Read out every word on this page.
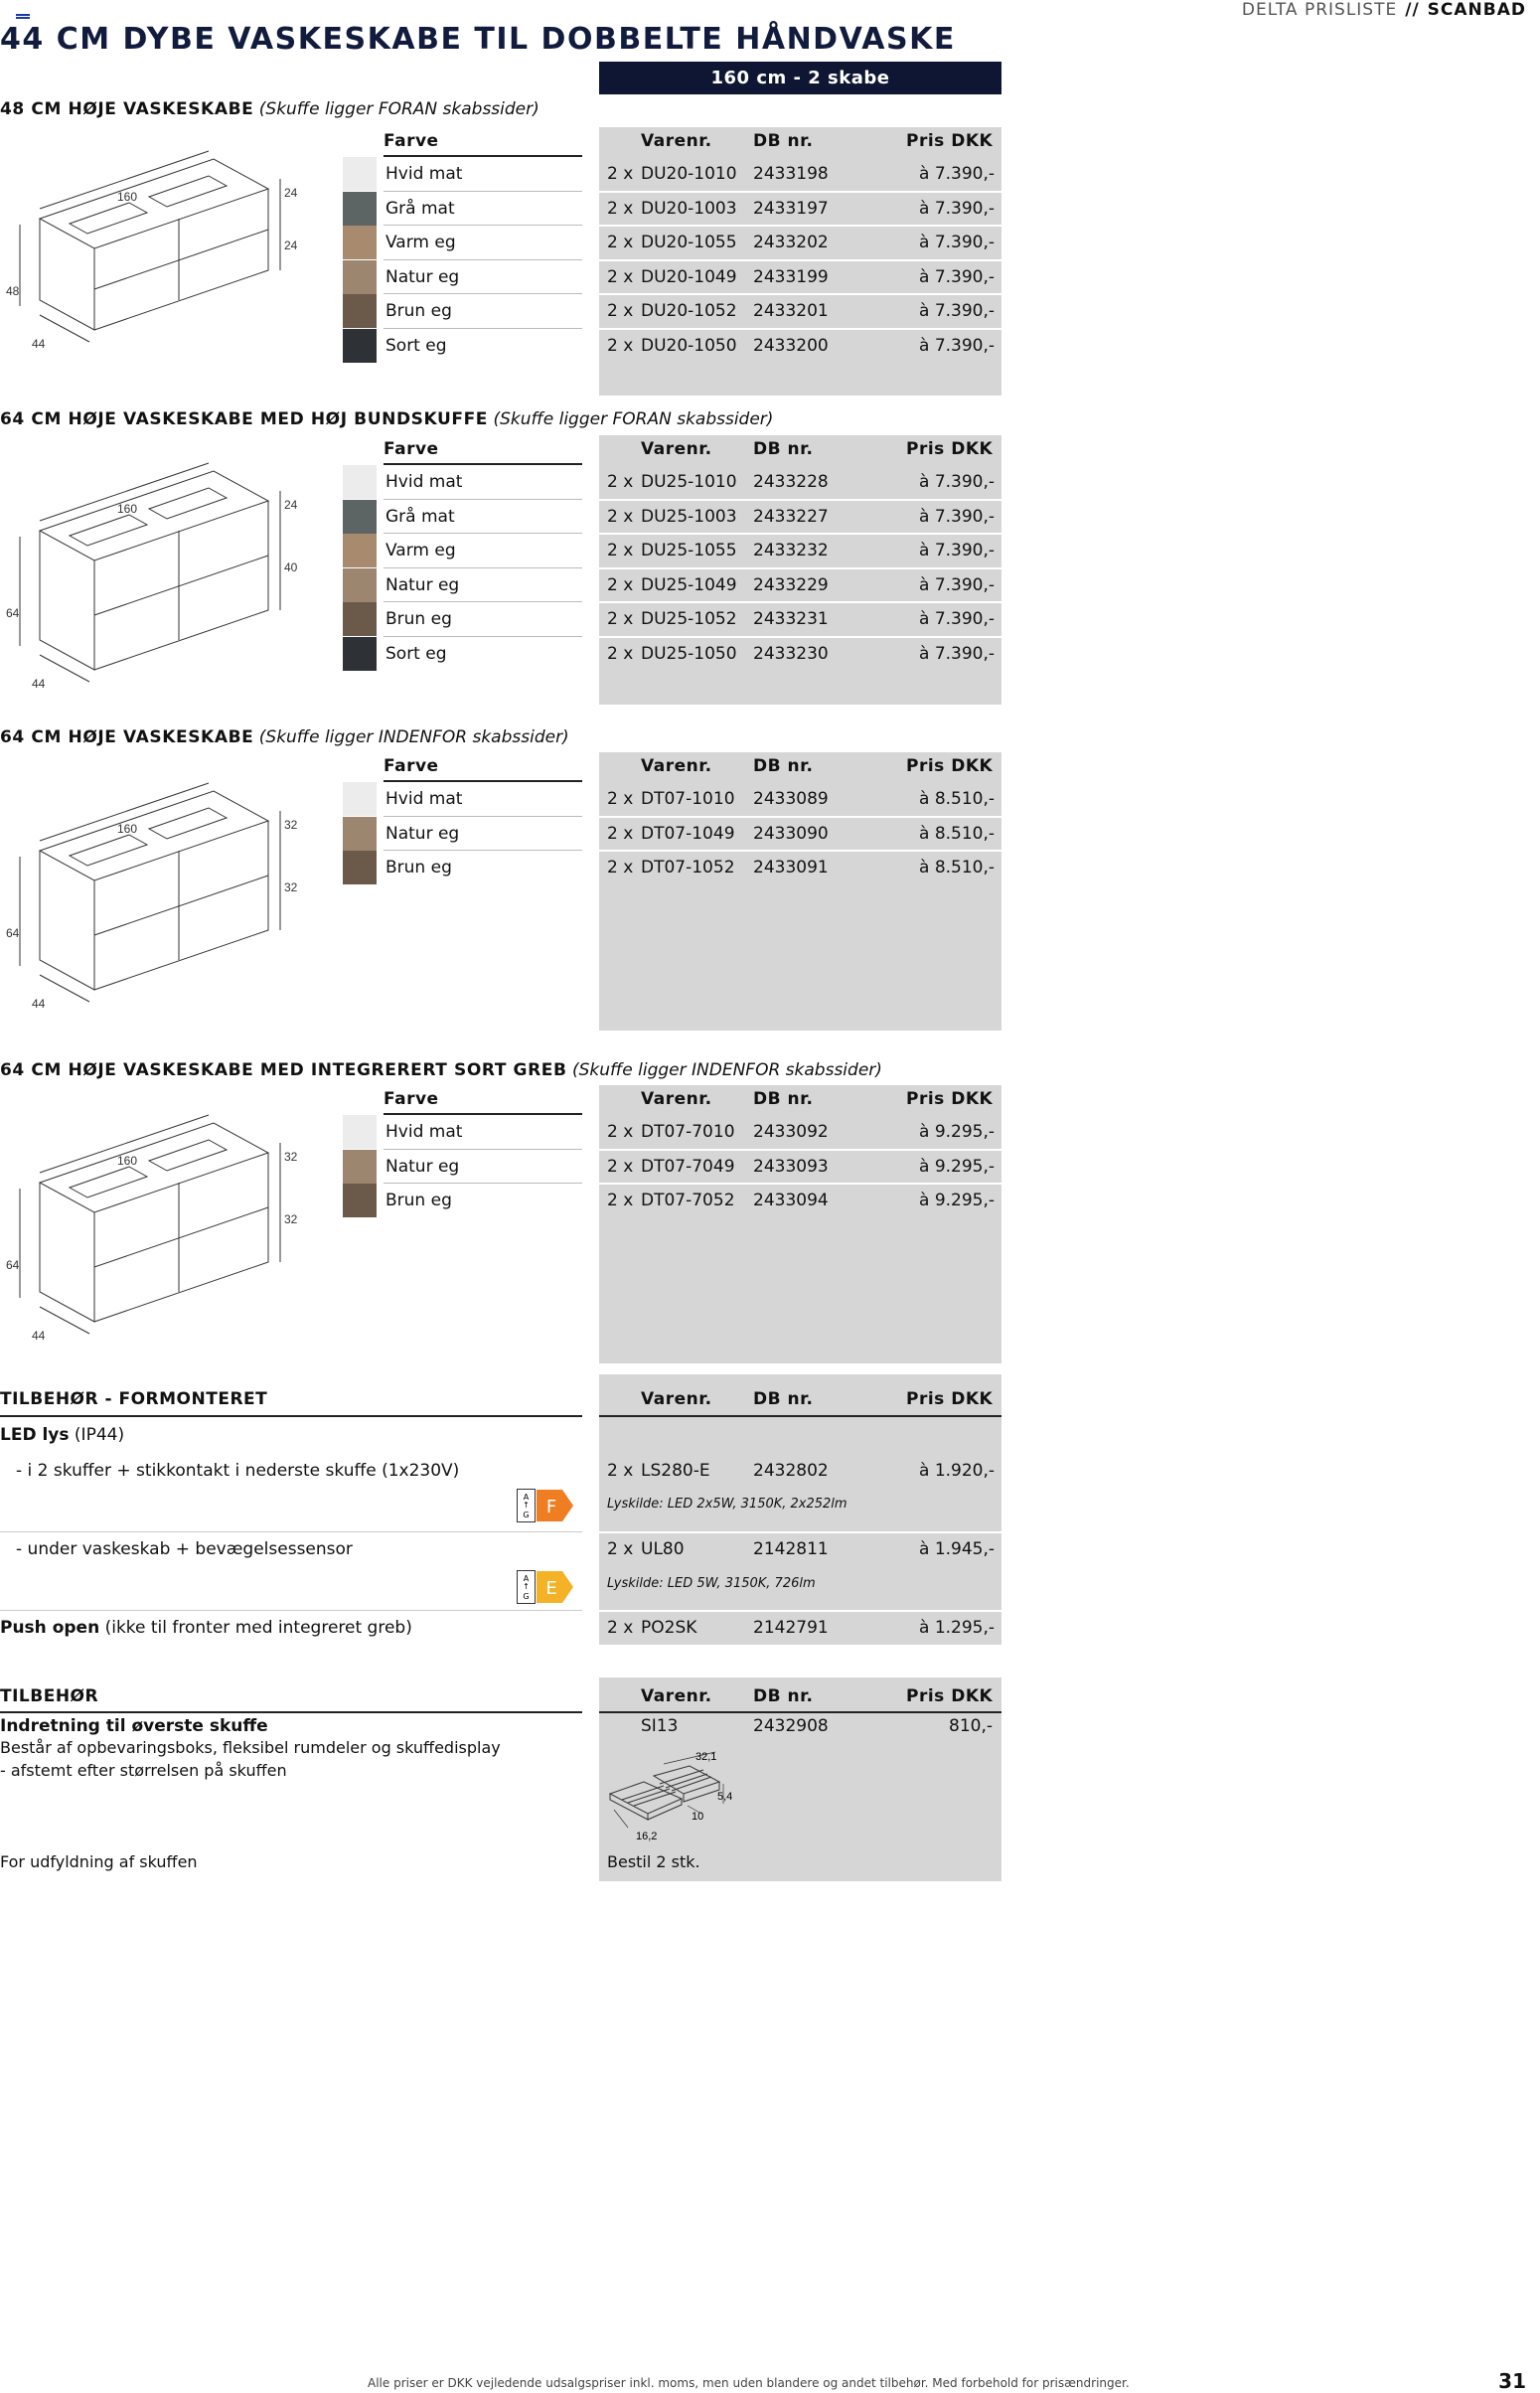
44 CM DYBE VASKESKABE TIL DOBBELTE HÅNDVASKE
DELTA PRISLISTE // SCANBAD
160 cm - 2 skabe
48 CM HØJE VASKESKABE (Skuffe ligger FORAN skabssider)
160
48
44
24
24
Farve	Varenr. DB nr.	Pris DKK
Hvid mat	2 x DU20-1010 2433198	à 7.390,-
Grå mat	2 x DU20-1003 2433197	à 7.390,-
Varm eg	2 x DU20-1055 2433202	à 7.390,-
Natur eg	2 x DU20-1049 2433199	à 7.390,-
Brun eg	2 x DU20-1052 2433201	à 7.390,-
Sort eg	2 x DU20-1050 2433200	à 7.390,-
64 CM HØJE VASKESKABE MED HØJ BUNDSKUFFE (Skuffe ligger FORAN skabssider)
160
64
44
24
40
Farve	Varenr. DB nr.	Pris DKK
Hvid mat	2 x DU25-1010 2433228	à 7.390,-
Grå mat	2 x DU25-1003 2433227	à 7.390,-
Varm eg	2 x DU25-1055 2433232	à 7.390,-
Natur eg	2 x DU25-1049 2433229	à 7.390,-
Brun eg	2 x DU25-1052 2433231	à 7.390,-
Sort eg	2 x DU25-1050 2433230	à 7.390,-
64 CM HØJE VASKESKABE (Skuffe ligger INDENFOR skabssider)
160
64
44
32
32
Farve	Varenr. DB nr.	Pris DKK
Hvid mat	2 x DT07-1010 2433089	à 8.510,-
Natur eg	2 x DT07-1049 2433090	à 8.510,-
Brun eg	2 x DT07-1052 2433091	à 8.510,-
64 CM HØJE VASKESKABE MED INTEGRERERT SORT GREB (Skuffe ligger INDENFOR skabssider)
160
64
44
32
32
Farve	Varenr. DB nr.	Pris DKK
Hvid mat	2 x DT07-7010 2433092	à 9.295,-
Natur eg	2 x DT07-7049 2433093	à 9.295,-
Brun eg	2 x DT07-7052 2433094	à 9.295,-
TILBEHØR - FORMONTERET	Varenr. DB nr.	Pris DKK
LED lys (IP44)
- i 2 skuffer + stikkontakt i nederste skuffe (1x230V)	2 x LS280-E	2432802	à 1.920,-
Lyskilde: LED 2x5W, 3150K, 2x252lm
A
↑
G F
- under vaskeskab + bevægelsessensor	2 x UL80	2142811	à 1.945,-
Lyskilde: LED 5W, 3150K, 726lm
A
↑
G E
Push open (ikke til fronter med integreret greb)	2 x PO2SK	2142791	à 1.295,-
TILBEHØR	Varenr. DB nr.	Pris DKK
Indretning til øverste skuffe
Består af opbevaringsboks, fleksibel rumdeler og skuffedisplay
- afstemt efter størrelsen på skuffen
SI13	2432908	810,-
32,1
5,4
10
16,2
For udfyldning af skuffen	Bestil 2 stk.
Alle priser er DKK vejledende udsalgspriser inkl. moms, men uden blandere og andet tilbehør. Med forbehold for prisændringer.	31
